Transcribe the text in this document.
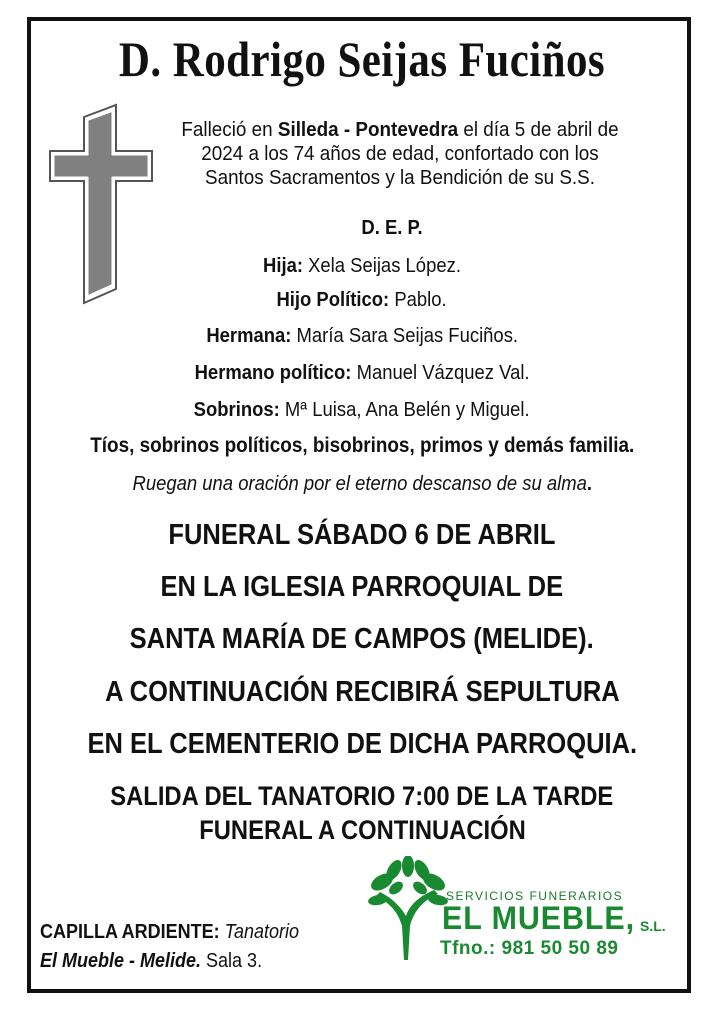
D. Rodrigo Seijas Fuciños
Falleció en Silleda - Pontevedra el día 5 de abril de 2024 a los 74 años de edad, confortado con los Santos Sacramentos y la Bendición de su S.S.
D. E. P.
Hija: Xela Seijas López.
Hijo Político: Pablo.
Hermana: María Sara Seijas Fuciños.
Hermano político: Manuel Vázquez Val.
Sobrinos: Mª Luisa, Ana Belén y Miguel.
Tíos, sobrinos políticos, bisobrinos, primos y demás familia.
Ruegan una oración por el eterno descanso de su alma.
FUNERAL SÁBADO 6 DE ABRIL
EN LA IGLESIA PARROQUIAL DE
SANTA MARÍA DE CAMPOS (MELIDE).
A CONTINUACIÓN RECIBIRÁ SEPULTURA
EN EL CEMENTERIO DE DICHA PARROQUIA.
SALIDA DEL TANATORIO 7:00 DE LA TARDE
FUNERAL A CONTINUACIÓN
CAPILLA ARDIENTE: Tanatorio
El Mueble - Melide. Sala 3.
SERVICIOS FUNERARIOS
EL MUEBLE, S.L.
Tfno.: 981 50 50 89
